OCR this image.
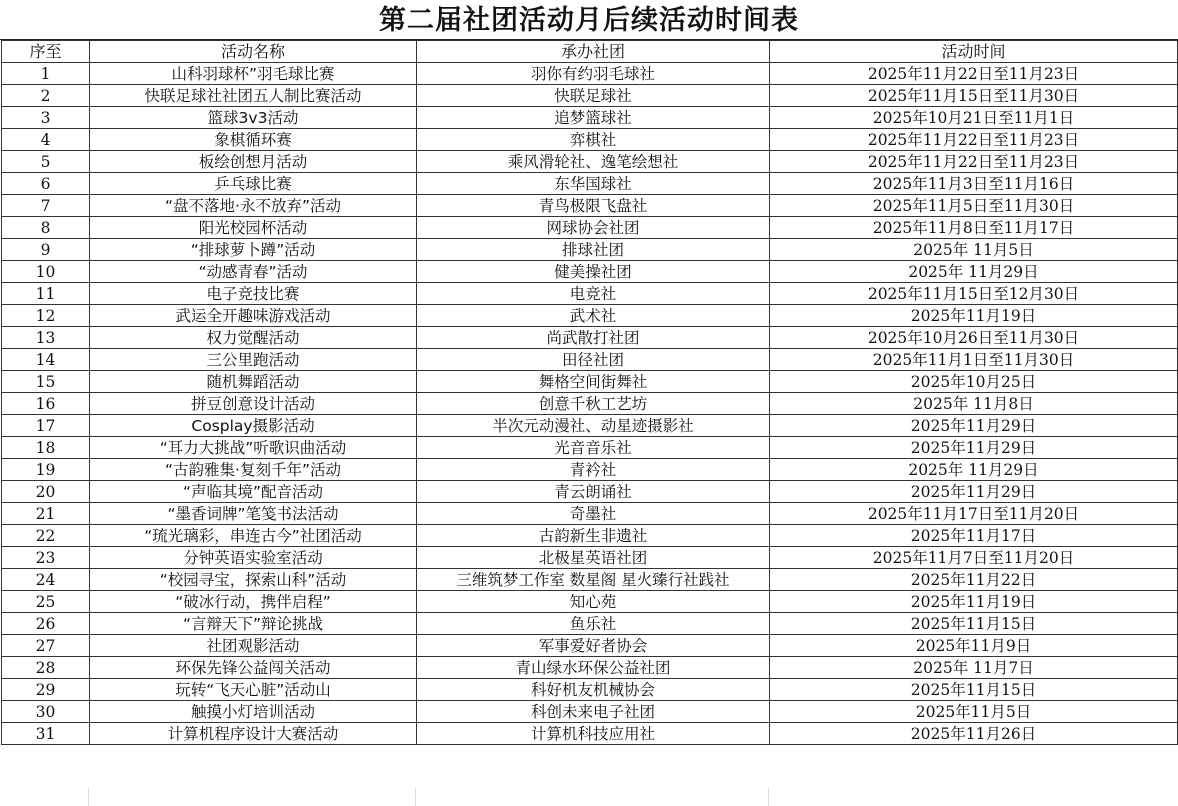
第二届社团活动月后续活动时间表
序至	活动名称	承办社团	活动时间
1	山科羽球杯”羽毛球比赛	羽你有约羽毛球社	2025年11月22日至11月23日
2	快联足球社社团五人制比赛活动	快联足球社	2025年11月15日至11月30日
3	篮球3v3活动	追梦篮球社	2025年10月21日至11月1日
4	象棋循环赛	弈棋社	2025年11月22日至11月23日
5	板绘创想月活动	乘风滑轮社、逸笔绘想社	2025年11月22日至11月23日
6	乒乓球比赛	东华国球社	2025年11月3日至11月16日
7	“盘不落地·永不放弃”活动	青鸟极限飞盘社	2025年11月5日至11月30日
8	阳光校园杯活动	网球协会社团	2025年11月8日至11月17日
9	“排球萝卜蹲”活动	排球社团	2025年 11月5日
10	“动感青春”活动	健美操社团	2025年 11月29日
11	电子竞技比赛	电竞社	2025年11月15日至12月30日
12	武运全开趣味游戏活动	武术社	2025年11月19日
13	权力觉醒活动	尚武散打社团	2025年10月26日至11月30日
14	三公里跑活动	田径社团	2025年11月1日至11月30日
15	随机舞蹈活动	舞格空间街舞社	2025年10月25日
16	拼豆创意设计活动	创意千秋工艺坊	2025年 11月8日
17	Cosplay摄影活动	半次元动漫社、动星迹摄影社	2025年11月29日
18	“耳力大挑战”听歌识曲活动	光音音乐社	2025年11月29日
19	“古韵雅集·复刻千年”活动	青衿社	2025年 11月29日
20	“声临其境”配音活动	青云朗诵社	2025年11月29日
21	“墨香词牌”笔笺书法活动	奇墨社	2025年11月17日至11月20日
22	“琉光璃彩，串连古今”社团活动	古韵新生非遗社	2025年11月17日
23	分钟英语实验室活动	北极星英语社团	2025年11月7日至11月20日
24	“校园寻宝，探索山科”活动	三维筑梦工作室 数星阁 星火臻行社践社	2025年11月22日
25	“破冰行动，携伴启程”	知心苑	2025年11月19日
26	“言辩天下”辩论挑战	鱼乐社	2025年11月15日
27	社团观影活动	军事爱好者协会	2025年11月9日
28	环保先锋公益闯关活动	青山绿水环保公益社团	2025年 11月7日
29	玩转“飞天心脏”活动山	科好机友机械协会	2025年11月15日
30	触摸小灯培训活动	科创未来电子社团	2025年11月5日
31	计算机程序设计大赛活动	计算机科技应用社	2025年11月26日
